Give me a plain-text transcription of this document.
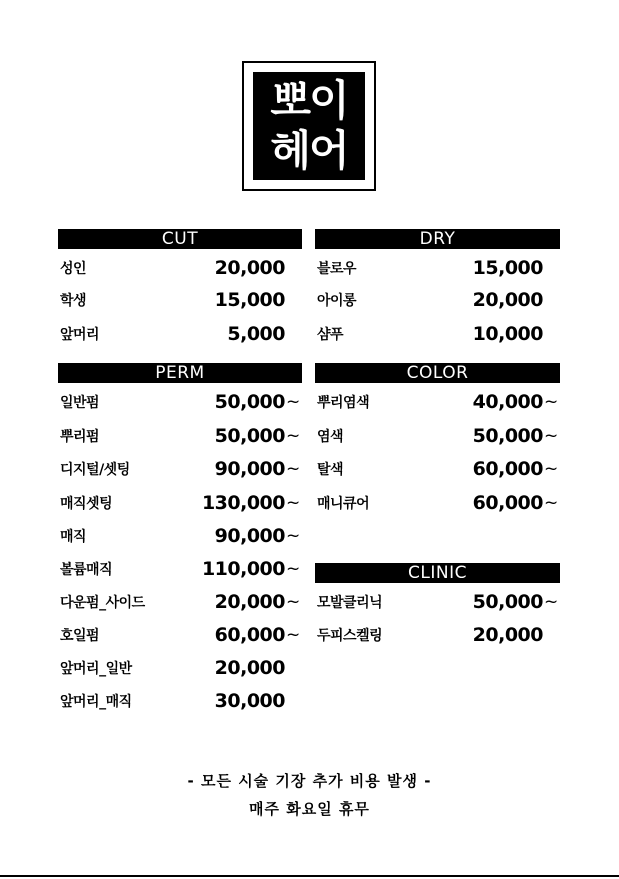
뽀이
헤어
CUT
성인	20,000
학생	15,000
앞머리	5,000
PERM
일반펌	50,000 ~
뿌리펌	50,000 ~
디지털/셋팅	90,000 ~
매직셋팅	130,000 ~
매직	90,000 ~
볼륨매직	110,000 ~
다운펌_사이드	20,000 ~
호일펌	60,000 ~
앞머리_일반	20,000
앞머리_매직	30,000
DRY
블로우	15,000
아이롱	20,000
샴푸	10,000
COLOR
뿌리염색	40,000 ~
염색	50,000 ~
탈색	60,000 ~
매니큐어	60,000 ~
CLINIC
모발클리닉	50,000 ~
두피스켈링	20,000
- 모든 시술 기장 추가 비용 발생 -
매주 화요일 휴무
